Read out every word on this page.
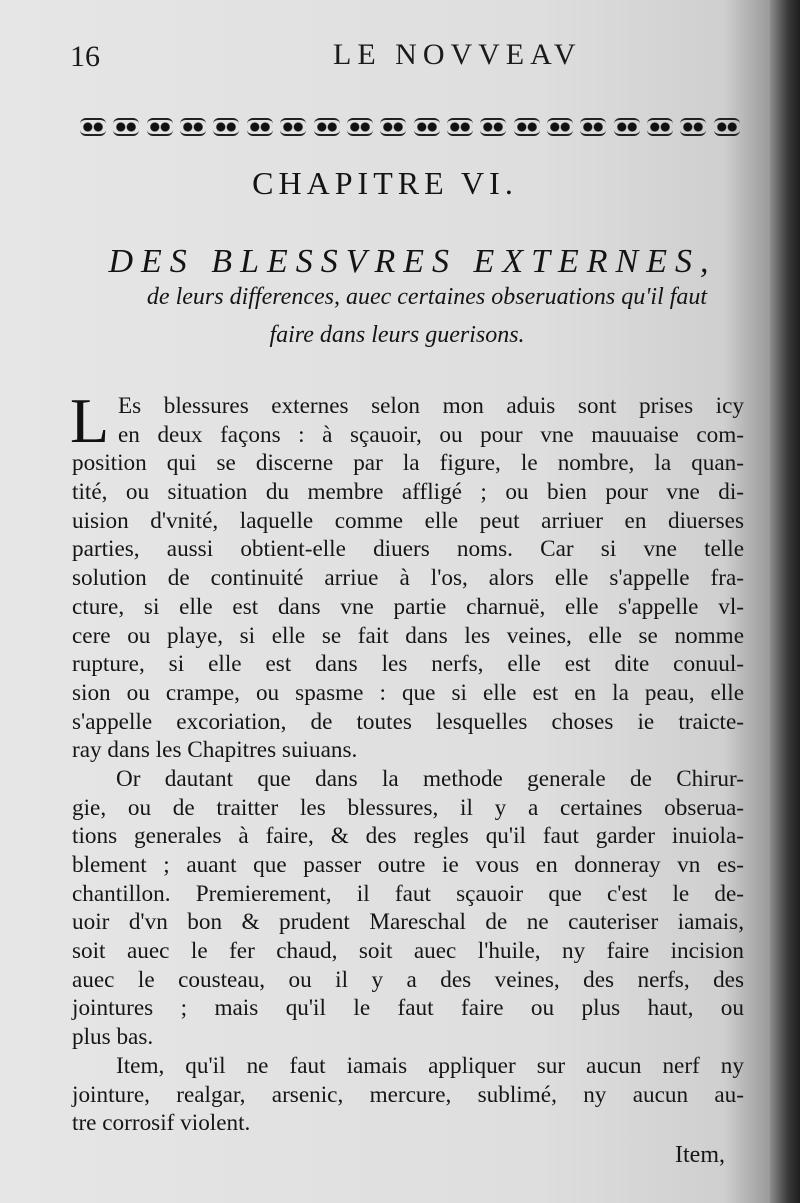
16	LE NOVVEAV
CHAPITRE VI.
DES BLESSVRES EXTERNES,
de leurs differences, auec certaines obseruations qu'il faut
faire dans leurs guerisons.
L Es blessures externes selon mon aduis sont prises icy
en deux façons : à sçauoir, ou pour vne mauuaise com-
position qui se discerne par la figure, le nombre, la quan-
tité, ou situation du membre affligé ; ou bien pour vne di-
uision d'vnité, laquelle comme elle peut arriuer en diuerses
parties, aussi obtient-elle diuers noms. Car si vne telle
solution de continuité arriue à l'os, alors elle s'appelle fra-
cture, si elle est dans vne partie charnuë, elle s'appelle vl-
cere ou playe, si elle se fait dans les veines, elle se nomme
rupture, si elle est dans les nerfs, elle est dite conuul-
sion ou crampe, ou spasme : que si elle est en la peau, elle
s'appelle excoriation, de toutes lesquelles choses ie traicte-
ray dans les Chapitres suiuans.
Or dautant que dans la methode generale de Chirur-
gie, ou de traitter les blessures, il y a certaines obserua-
tions generales à faire, & des regles qu'il faut garder inuiola-
blement ; auant que passer outre ie vous en donneray vn es-
chantillon. Premierement, il faut sçauoir que c'est le de-
uoir d'vn bon & prudent Mareschal de ne cauteriser iamais,
soit auec le fer chaud, soit auec l'huile, ny faire incision
auec le cousteau, ou il y a des veines, des nerfs, des
jointures ; mais qu'il le faut faire ou plus haut, ou
plus bas.
Item, qu'il ne faut iamais appliquer sur aucun nerf ny
jointure, realgar, arsenic, mercure, sublimé, ny aucun au-
tre corrosif violent.
Item,
